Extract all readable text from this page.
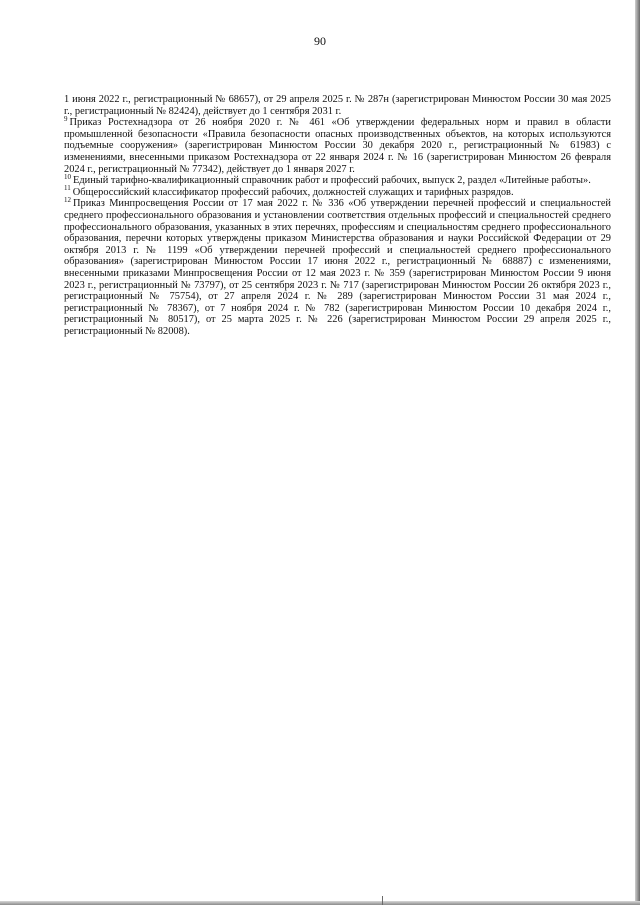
90

1 июня 2022 г., регистрационный № 68657), от 29 апреля 2025 г. № 287н (зарегистрирован Минюстом России 30 мая 2025 г., регистрационный № 82424), действует до 1 сентября 2031 г.

$^9$ Приказ Ростехнадзора от 26 ноября 2020 г. № 461 «Об утверждении федеральных норм и правил в области промышленной безопасности «Правила безопасности опасных производственных объектов, на которых используются подъемные сооружения» (зарегистрирован Минюстом России 30 декабря 2020 г., регистрационный № 61983) с изменениями, внесенными приказом Ростехнадзора от 22 января 2024 г. № 16 (зарегистрирован Минюстом 26 февраля 2024 г., регистрационный № 77342), действует до 1 января 2027 г.

$^{10}$ Единый тарифно-квалификационный справочник работ и профессий рабочих, выпуск 2, раздел «Литейные работы».

$^{11}$ Общероссийский классификатор профессий рабочих, должностей служащих и тарифных разрядов.

$^{12}$ Приказ Минпросвещения России от 17 мая 2022 г. № 336 «Об утверждении перечней профессий и специальностей среднего профессионального образования и установлении соответствия отдельных профессий и специальностей среднего профессионального образования, указанных в этих перечнях, профессиям и специальностям среднего профессионального образования, перечни которых утверждены приказом Министерства образования и науки Российской Федерации от 29 октября 2013 г. № 1199 «Об утверждении перечней профессий и специальностей среднего профессионального образования» (зарегистрирован Минюстом России 17 июня 2022 г., регистрационный № 68887) с изменениями, внесенными приказами Минпросвещения России от 12 мая 2023 г. № 359 (зарегистрирован Минюстом России 9 июня 2023 г., регистрационный № 73797), от 25 сентября 2023 г. № 717 (зарегистрирован Минюстом России 26 октября 2023 г., регистрационный № 75754), от 27 апреля 2024 г. № 289 (зарегистрирован Минюстом России 31 мая 2024 г., регистрационный № 78367), от 7 ноября 2024 г. № 782 (зарегистрирован Минюстом России 10 декабря 2024 г., регистрационный № 80517), от 25 марта 2025 г. № 226 (зарегистрирован Минюстом России 29 апреля 2025 г., регистрационный № 82008).
